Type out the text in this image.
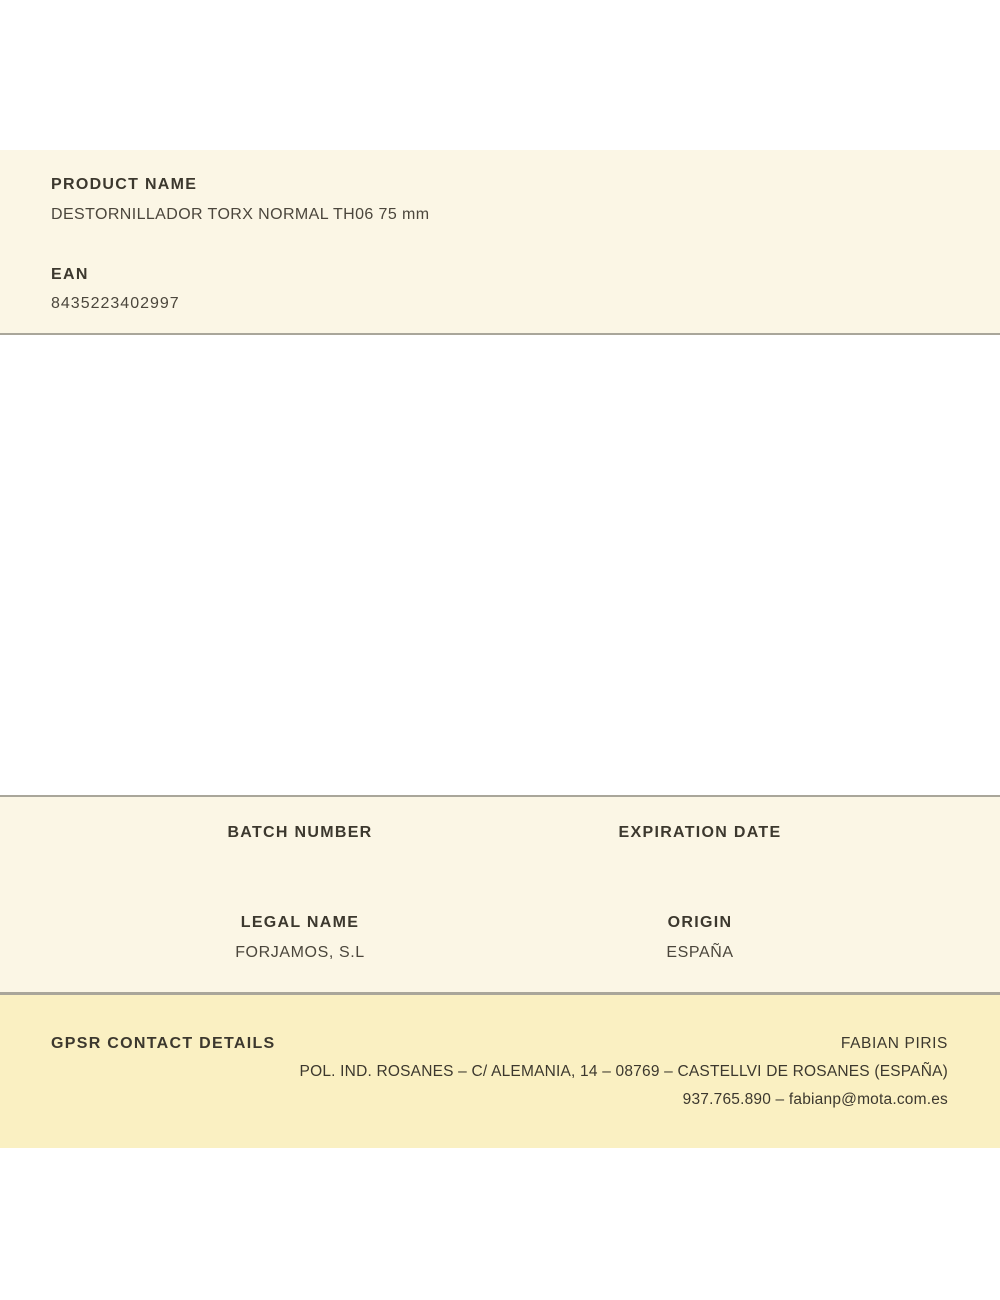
PRODUCT NAME
DESTORNILLADOR TORX NORMAL TH06 75 mm
EAN
8435223402997
BATCH NUMBER	EXPIRATION DATE
LEGAL NAME
FORJAMOS, S.L
ORIGIN
ESPAÑA
GPSR CONTACT DETAILS	FABIAN PIRIS
POL. IND. ROSANES – C/ ALEMANIA, 14 – 08769 – CASTELLVI DE ROSANES (ESPAÑA)
937.765.890 – fabianp@mota.com.es
